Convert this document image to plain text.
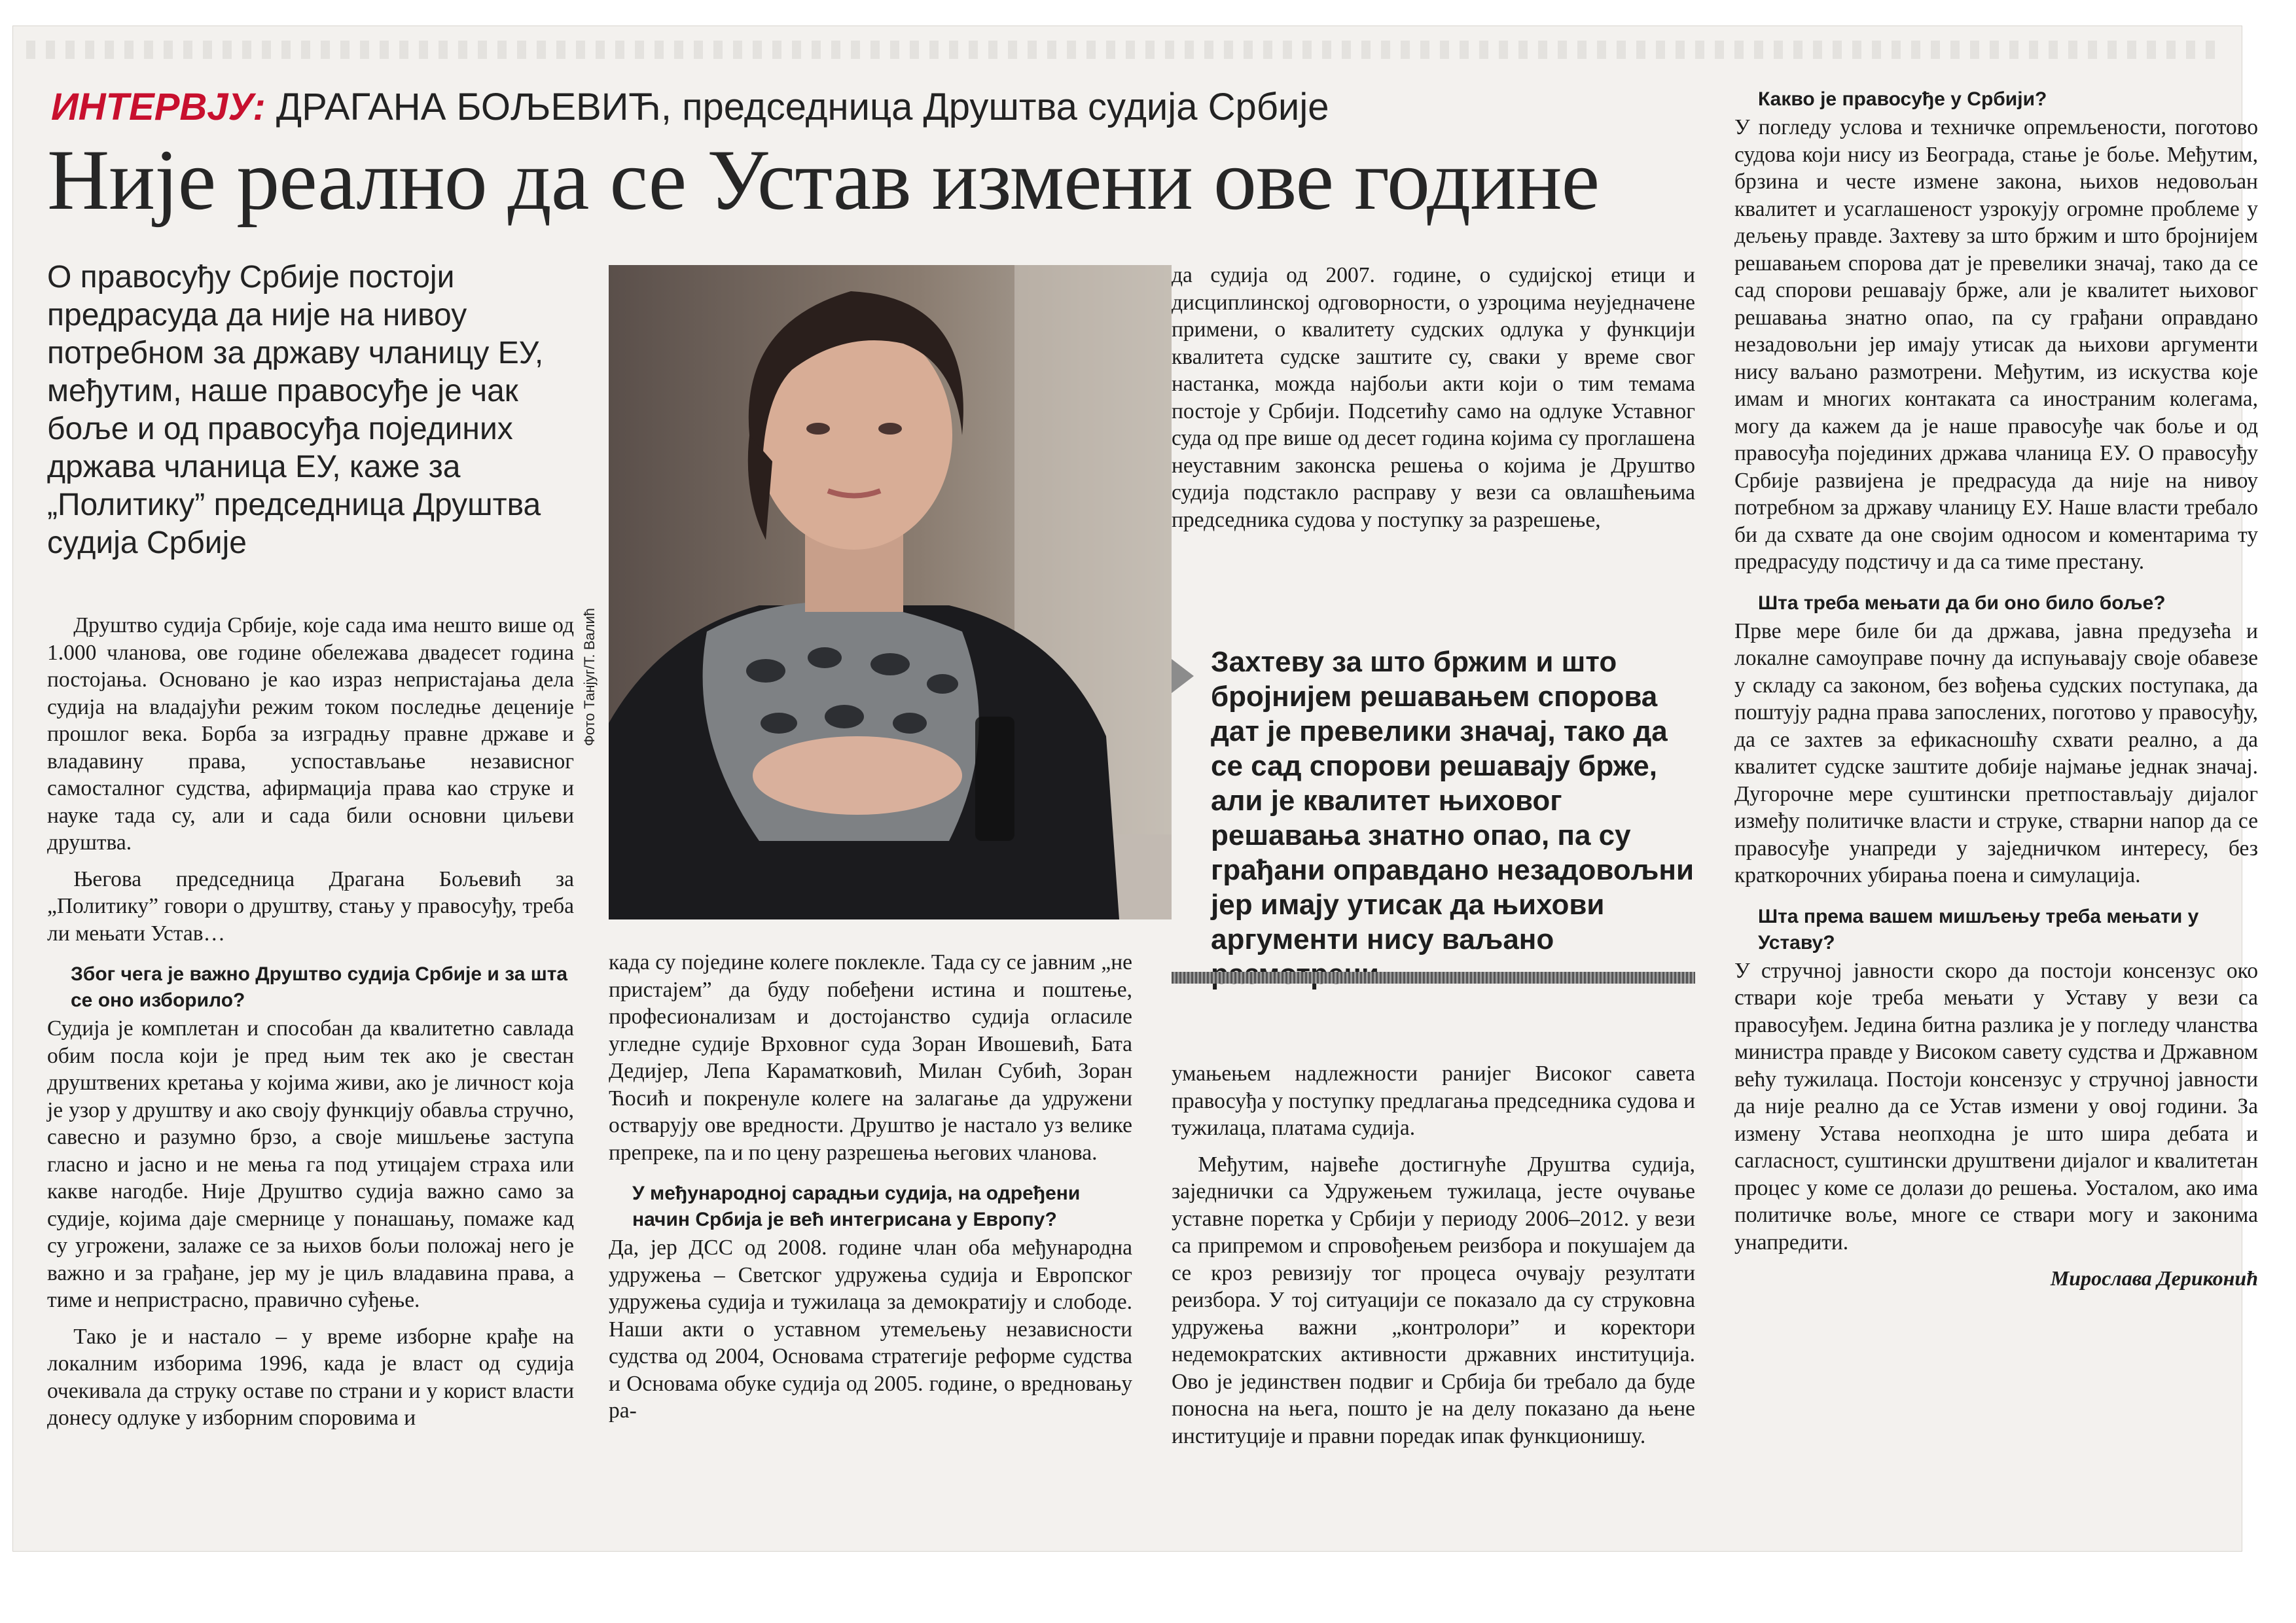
ИНТЕРВЈУ: ДРАГАНА БОЉЕВИЋ, председница Друштва судија Србије
Није реално да се Устав измени ове године
О правосуђу Србије постоји предрасуда да није на нивоу потребном за државу чланицу ЕУ, међутим, наше правосуђе је чак боље и од правосуђа појединих држава чланица ЕУ, каже за „Политику” председница Друштва судија Србије

Друштво судија Србије, које сада има нешто више од 1.000 чланова, ове године обележава двадесет година постојања. Основано је као израз непристајања дела судија на владајући режим током последње деценије прошлог века. Борба за изградњу правне државе и владавину права, успостављање независног самосталног судства, афирмација права као струке и науке тада су, али и сада били основни циљеви друштва.

Његова председница Драгана Бољевић за „Политику” говори о друштву, стању у правосуђу, треба ли мењати Устав…

Због чега је важно Друштво судија Србије и за шта се оно изборило?

Судија је комплетан и способан да квалитетно савлада обим посла који је пред њим тек ако је свестан друштвених кретања у којима живи, ако је личност која је узор у друштву и ако своју функцију обавља стручно, савесно и разумно брзо, а своје мишљење заступа гласно и јасно и не мења га под утицајем страха или какве нагодбе. Није Друштво судија важно само за судије, којима даје смернице у понашању, помаже кад су угрожени, залаже се за њихов бољи положај него је важно и за грађане, јер му је циљ владавина права, а тиме и непристрасно, правично суђење.

Тако је и настало – у време изборне крађе на локалним изборима 1996, када је власт од судија очекивала да струку оставе по страни и у корист власти донесу одлуке у изборним споровима и

Фото Танјуг/Т. Валић

када су поједине колеге поклекле. Тада су се јавним „не пристајем” да буду побеђени истина и поштење, професионализам и достојанство судија огласиле угледне судије Врховног суда Зоран Ивошевић, Бата Дедијер, Лепа Караматковић, Милан Субић, Зоран Ћосић и покренуле колеге на залагање да удружени остварују ове вредности. Друштво је настало уз велике препреке, па и по цену разрешења његових чланова.

У међународној сарадњи судија, на одређени начин Србија је већ интегрисана у Европу?

Да, јер ДСС од 2008. године члан оба међународна удружења – Светског удружења судија и Европског удружења судија и тужилаца за демократију и слободе. Наши акти о уставном утемељењу независности судства од 2004, Основама стратегије реформе судства и Основама обуке судија од 2005. године, о вредновању ра-

да судија од 2007. године, о судијској етици и дисциплинској одговорности, о узроцима неуједначене примени, о квалитету судских одлука у функцији квалитета судске заштите су, сваки у време свог настанка, можда најбољи акти који о тим темама постоје у Србији. Подсетићу само на одлуке Уставног суда од пре више од десет година којима су проглашена неуставним законска решења о којима је Друштво судија подстакло расправу у вези са овлашћењима председника судова у поступку за разрешење,

Захтеву за што бржим и што бројнијем решавањем спорова дат је превелики значај, тако да се сад спорови решавају брже, али је квалитет њиховог решавања знатно опао, па су грађани оправдано незадовољни јер имају утисак да њихови аргументи нису ваљано

умањењем надлежности ранијег Високог савета правосуђа у поступку предлагања председника судова и тужилаца, платама судија.

Међутим, највеће достигнуће Друштва судија, заједнички са Удружењем тужилаца, јесте очување уставне поретка у Србији у периоду 2006–2012. у вези са припремом и спровођењем реизбора и покушајем да се кроз ревизију тог процеса очувају резултати реизбора. У тој ситуацији се показало да су струковна удружења важни „контролори” и коректори недемократских активности државних институција. Ово је јединствен подвиг и Србија би требало да буде поносна на њега, пошто је на делу показано да њене институције и правни поредак ипак функционишу.

Какво је правосуђе у Србији?

У погледу услова и техничке опремљености, поготово судова који нису из Београда, стање је боље. Међутим, брзина и честе измене закона, њихов недовољан квалитет и усаглашеност узрокују огромне проблеме у дељењу правде. Захтеву за што бржим и што бројнијем решавањем спорова дат је превелики значај, тако да се сад спорови решавају брже, али је квалитет њиховог решавања знатно опао, па су грађани оправдано незадовољни јер имају утисак да њихови аргументи нису ваљано размотрени. Међутим, из искуства које имам и многих контаката са иностраним колегама, могу да кажем да је наше правосуђе чак боље и од правосуђа појединих држава чланица ЕУ. О правосуђу Србије развијена је предрасуда да није на нивоу потребном за државу чланицу ЕУ. Наше власти требало би да схвате да оне својим односом и коментарима ту предрасуду подстичу и да са тиме престану.

Шта треба мењати да би оно било боље?

Прве мере биле би да држава, јавна предузећа и локалне самоуправе почну да испуњавају своје обавезе у складу са законом, без вођења судских поступака, да поштују радна права запослених, поготово у правосуђу, да се захтев за ефикасношћу схвати реално, а да квалитет судске заштите добије најмање једнак значај. Дугорочне мере суштински претпостављају дијалог између политичке власти и струке, стварни напор да се правосуђе унапреди у заједничком интересу, без краткорочних убирања поена и симулација.

Шта према вашем мишљењу треба мењати у Уставу?

У стручној јавности скоро да постоји консензус око ствари које треба мењати у Уставу у вези са правосуђем. Једина битна разлика је у погледу чланства министра правде у Високом савету судства и Државном већу тужилаца. Постоји консензус у стручној јавности да није реално да се Устав измени у овој години. За измену Устава неопходна је што шира дебата и сагласност, суштински друштвени дијалог и квалитетан процес у коме се долази до решења. Уосталом, ако има политичке воље, многе се ствари могу и законима унапредити.

Мирослава Дериконић
